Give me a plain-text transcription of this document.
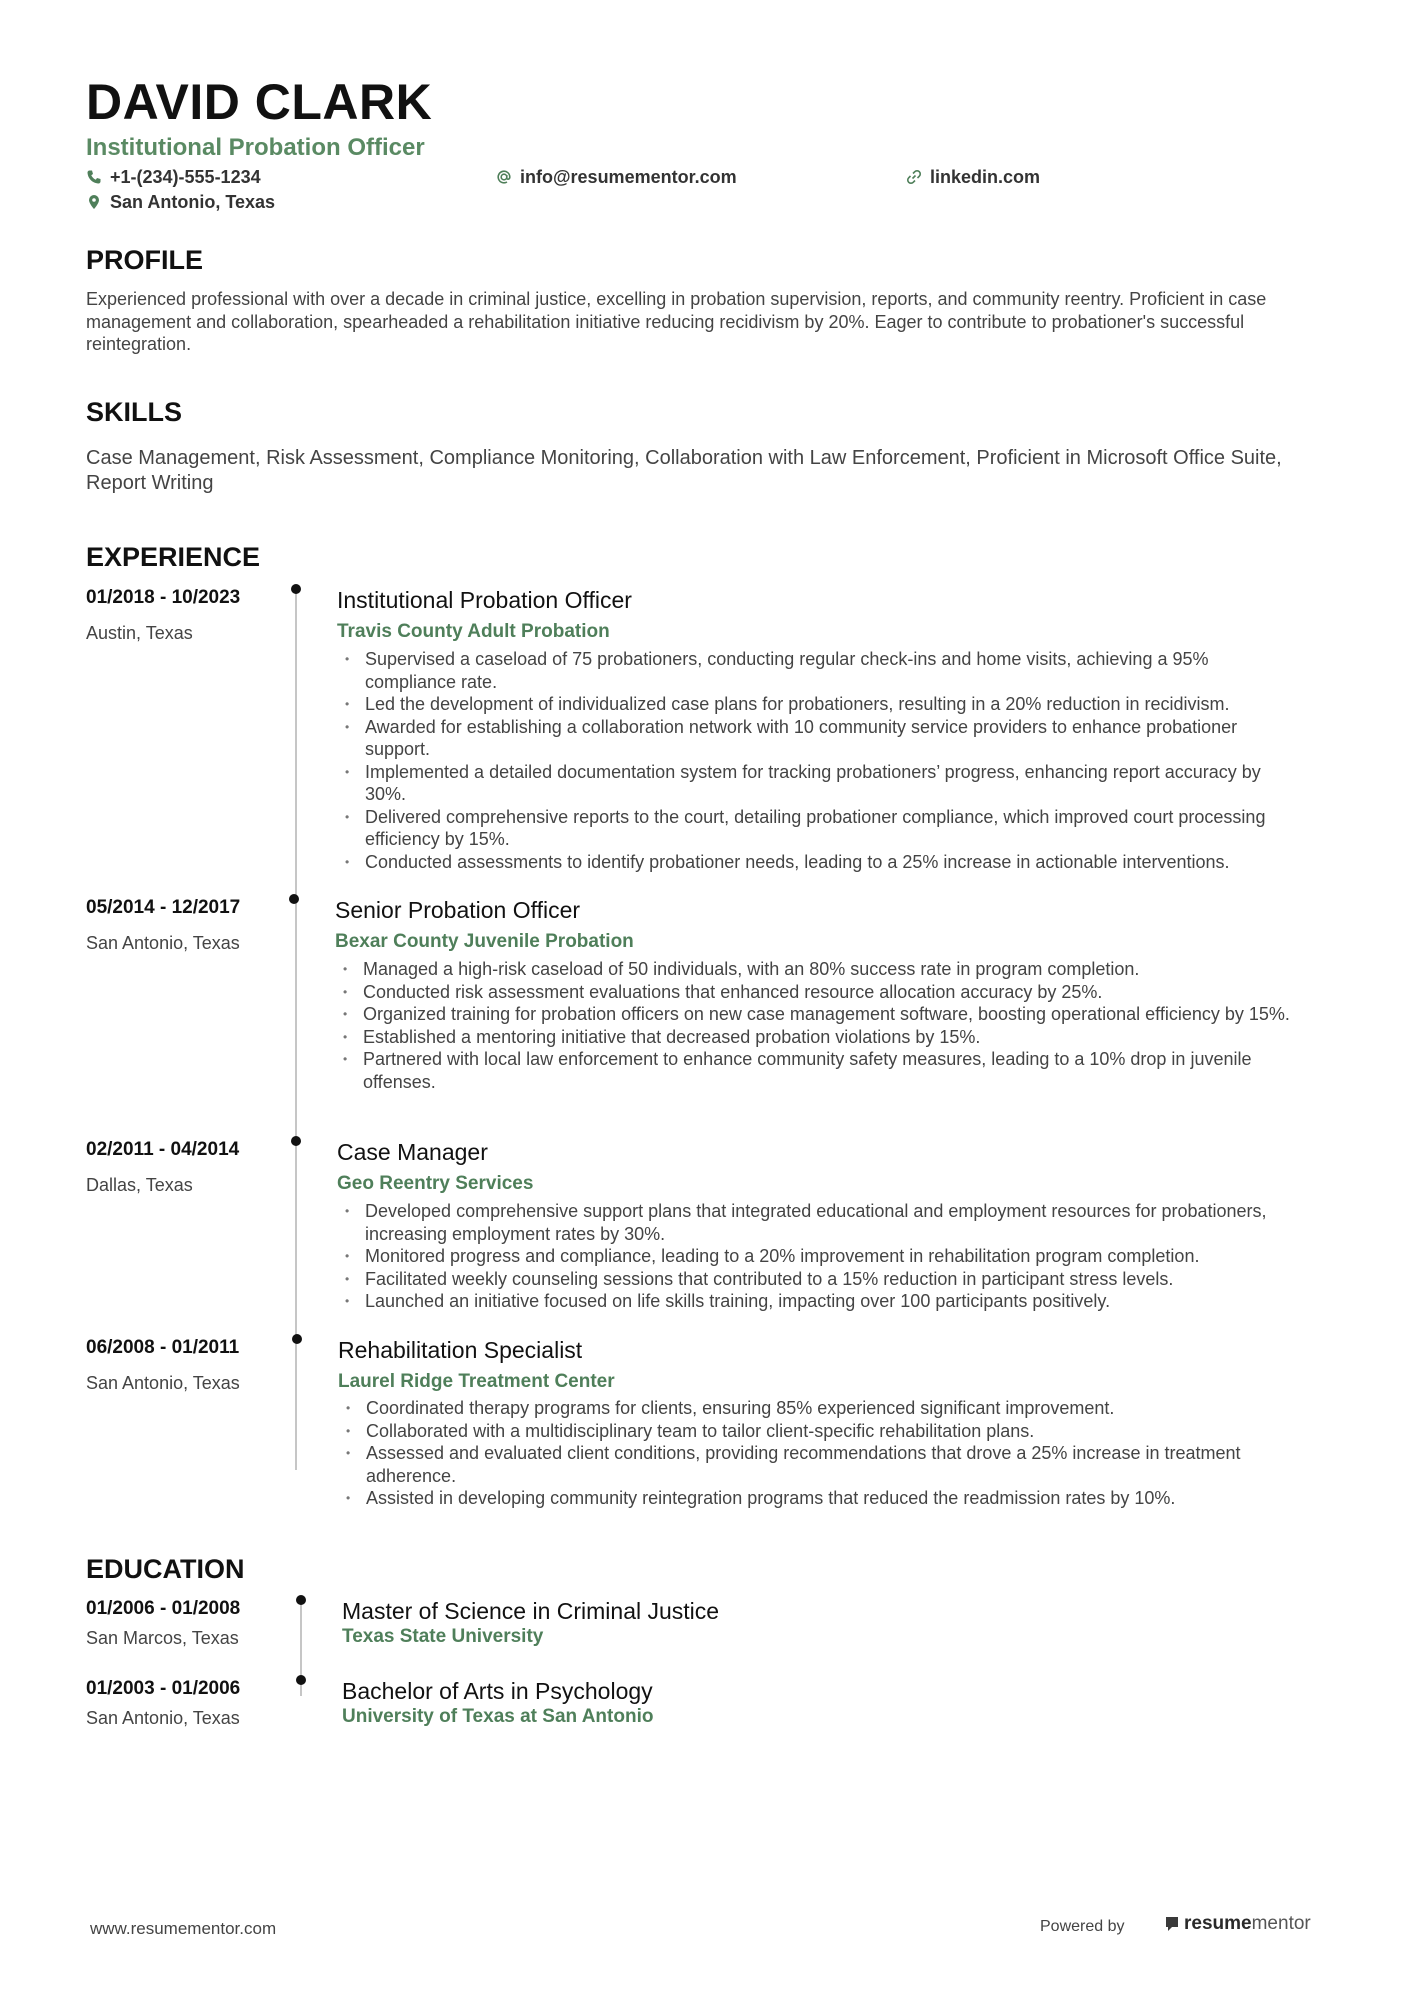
DAVID CLARK
Institutional Probation Officer
+1-(234)-555-1234	info@resumementor.com	linkedin.com
San Antonio, Texas
PROFILE
Experienced professional with over a decade in criminal justice, excelling in probation supervision, reports, and community reentry. Proficient in case management and collaboration, spearheaded a rehabilitation initiative reducing recidivism by 20%. Eager to contribute to probationer's successful reintegration.
SKILLS
Case Management, Risk Assessment, Compliance Monitoring, Collaboration with Law Enforcement, Proficient in Microsoft Office Suite, Report Writing
EXPERIENCE
01/2018 - 10/2023
Austin, Texas
Institutional Probation Officer
Travis County Adult Probation
• Supervised a caseload of 75 probationers, conducting regular check-ins and home visits, achieving a 95% compliance rate.
• Led the development of individualized case plans for probationers, resulting in a 20% reduction in recidivism.
• Awarded for establishing a collaboration network with 10 community service providers to enhance probationer support.
• Implemented a detailed documentation system for tracking probationers’ progress, enhancing report accuracy by 30%.
• Delivered comprehensive reports to the court, detailing probationer compliance, which improved court processing efficiency by 15%.
• Conducted assessments to identify probationer needs, leading to a 25% increase in actionable interventions.
05/2014 - 12/2017
San Antonio, Texas
Senior Probation Officer
Bexar County Juvenile Probation
• Managed a high-risk caseload of 50 individuals, with an 80% success rate in program completion.
• Conducted risk assessment evaluations that enhanced resource allocation accuracy by 25%.
• Organized training for probation officers on new case management software, boosting operational efficiency by 15%.
• Established a mentoring initiative that decreased probation violations by 15%.
• Partnered with local law enforcement to enhance community safety measures, leading to a 10% drop in juvenile offenses.
02/2011 - 04/2014
Dallas, Texas
Case Manager
Geo Reentry Services
• Developed comprehensive support plans that integrated educational and employment resources for probationers, increasing employment rates by 30%.
• Monitored progress and compliance, leading to a 20% improvement in rehabilitation program completion.
• Facilitated weekly counseling sessions that contributed to a 15% reduction in participant stress levels.
• Launched an initiative focused on life skills training, impacting over 100 participants positively.
06/2008 - 01/2011
San Antonio, Texas
Rehabilitation Specialist
Laurel Ridge Treatment Center
• Coordinated therapy programs for clients, ensuring 85% experienced significant improvement.
• Collaborated with a multidisciplinary team to tailor client-specific rehabilitation plans.
• Assessed and evaluated client conditions, providing recommendations that drove a 25% increase in treatment adherence.
• Assisted in developing community reintegration programs that reduced the readmission rates by 10%.
EDUCATION
01/2006 - 01/2008
San Marcos, Texas
Master of Science in Criminal Justice
Texas State University
01/2003 - 01/2006
San Antonio, Texas
Bachelor of Arts in Psychology
University of Texas at San Antonio
www.resumementor.com	Powered by	resume mentor
